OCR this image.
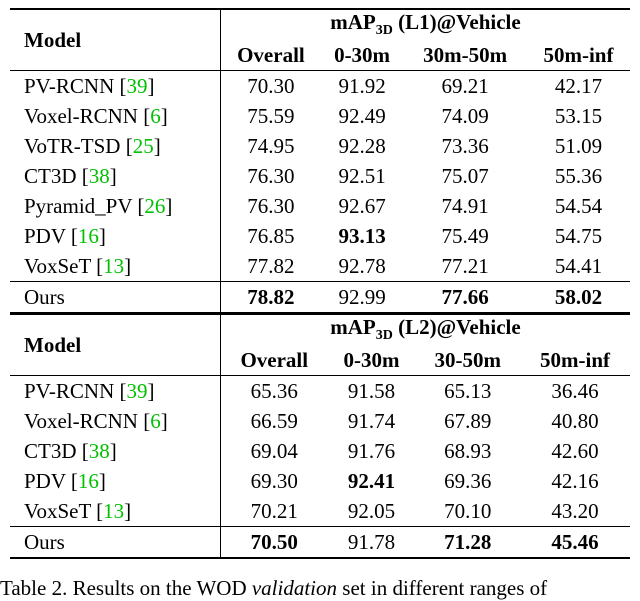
Model	mAP$_{3D}$ (L1)@Vehicle			
	Overall	0-30m	30m-50m	50m-inf
PV-RCNN [39]	70.30	91.92	69.21	42.17
Voxel-RCNN [6]	75.59	92.49	74.09	53.15
VoTR-TSD [25]	74.95	92.28	73.36	51.09
CT3D [38]	76.30	92.51	75.07	55.36
Pyramid_PV [26]	76.30	92.67	74.91	54.54
PDV [16]	76.85	93.13	75.49	54.75
VoxSeT [13]	77.82	92.78	77.21	54.41
Ours	78.82	92.99	77.66	58.02
Model	mAP$_{3D}$ (L2)@Vehicle			
	Overall	0-30m	30-50m	50m-inf
PV-RCNN [39]	65.36	91.58	65.13	36.46
Voxel-RCNN [6]	66.59	91.74	67.89	40.80
CT3D [38]	69.04	91.76	68.93	42.60
PDV [16]	69.30	92.41	69.36	42.16
VoxSeT [13]	70.21	92.05	70.10	43.20
Ours	70.50	91.78	71.28	45.46
Table 2. Results on the WOD validation set in different ranges of
